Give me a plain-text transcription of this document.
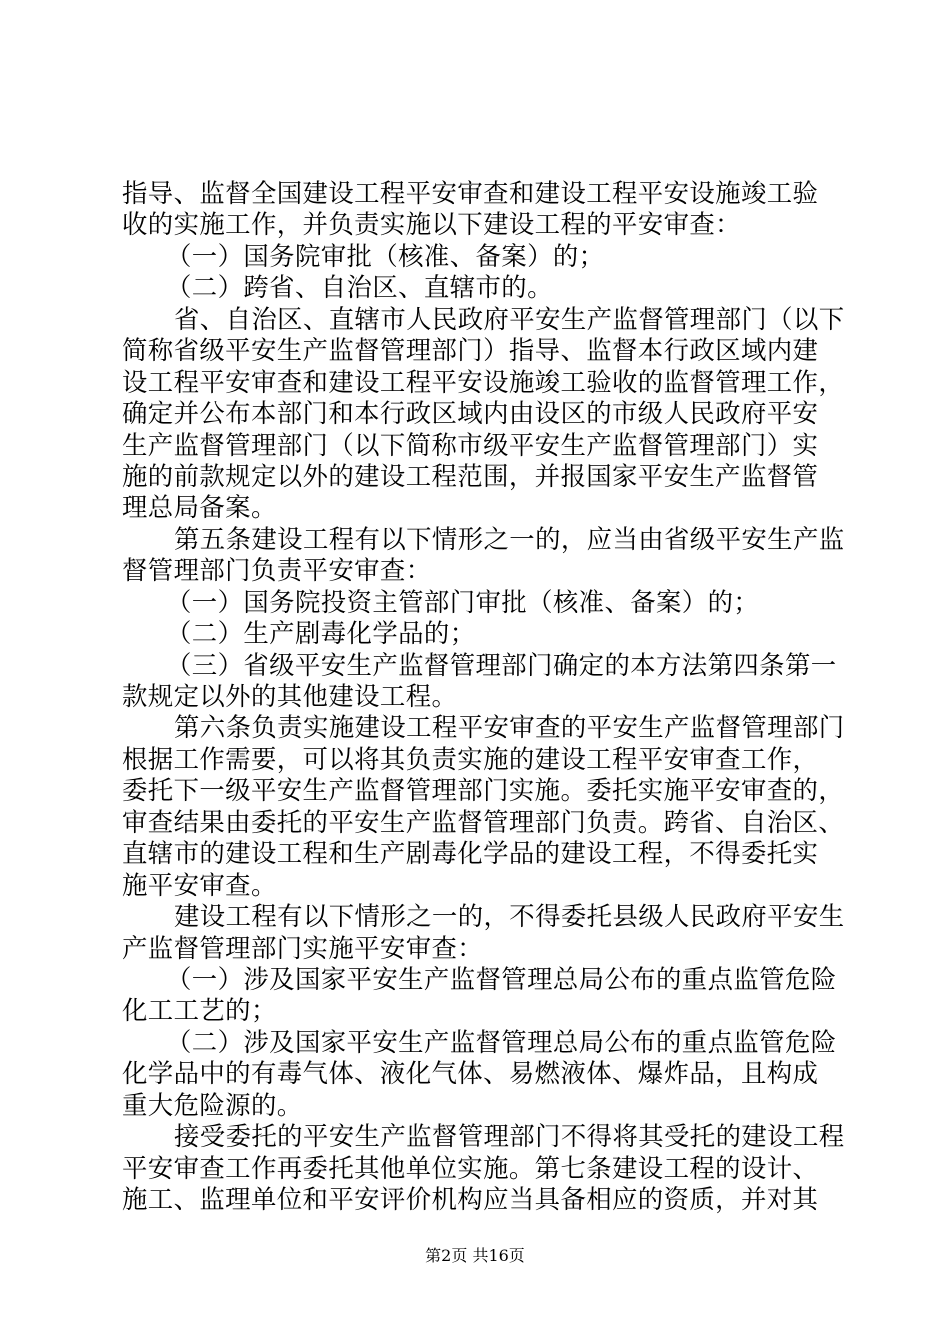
指导、监督全国建设工程平安审查和建设工程平安设施竣工验
收的实施工作，并负责实施以下建设工程的平安审查：
（一）国务院审批（核准、备案）的；
（二）跨省、自治区、直辖市的。
省、自治区、直辖市人民政府平安生产监督管理部门（以下
简称省级平安生产监督管理部门）指导、监督本行政区域内建
设工程平安审查和建设工程平安设施竣工验收的监督管理工作，
确定并公布本部门和本行政区域内由设区的市级人民政府平安
生产监督管理部门（以下简称市级平安生产监督管理部门）实
施的前款规定以外的建设工程范围，并报国家平安生产监督管
理总局备案。
第五条建设工程有以下情形之一的，应当由省级平安生产监
督管理部门负责平安审查：
（一）国务院投资主管部门审批（核准、备案）的；
（二）生产剧毒化学品的；
（三）省级平安生产监督管理部门确定的本方法第四条第一
款规定以外的其他建设工程。
第六条负责实施建设工程平安审查的平安生产监督管理部门
根据工作需要，可以将其负责实施的建设工程平安审查工作，
委托下一级平安生产监督管理部门实施。委托实施平安审查的，
审查结果由委托的平安生产监督管理部门负责。跨省、自治区、
直辖市的建设工程和生产剧毒化学品的建设工程，不得委托实
施平安审查。
建设工程有以下情形之一的，不得委托县级人民政府平安生
产监督管理部门实施平安审查：
（一）涉及国家平安生产监督管理总局公布的重点监管危险
化工工艺的；
（二）涉及国家平安生产监督管理总局公布的重点监管危险
化学品中的有毒气体、液化气体、易燃液体、爆炸品，且构成
重大危险源的。
接受委托的平安生产监督管理部门不得将其受托的建设工程
平安审查工作再委托其他单位实施。第七条建设工程的设计、
施工、监理单位和平安评价机构应当具备相应的资质，并对其
第2页 共16页
